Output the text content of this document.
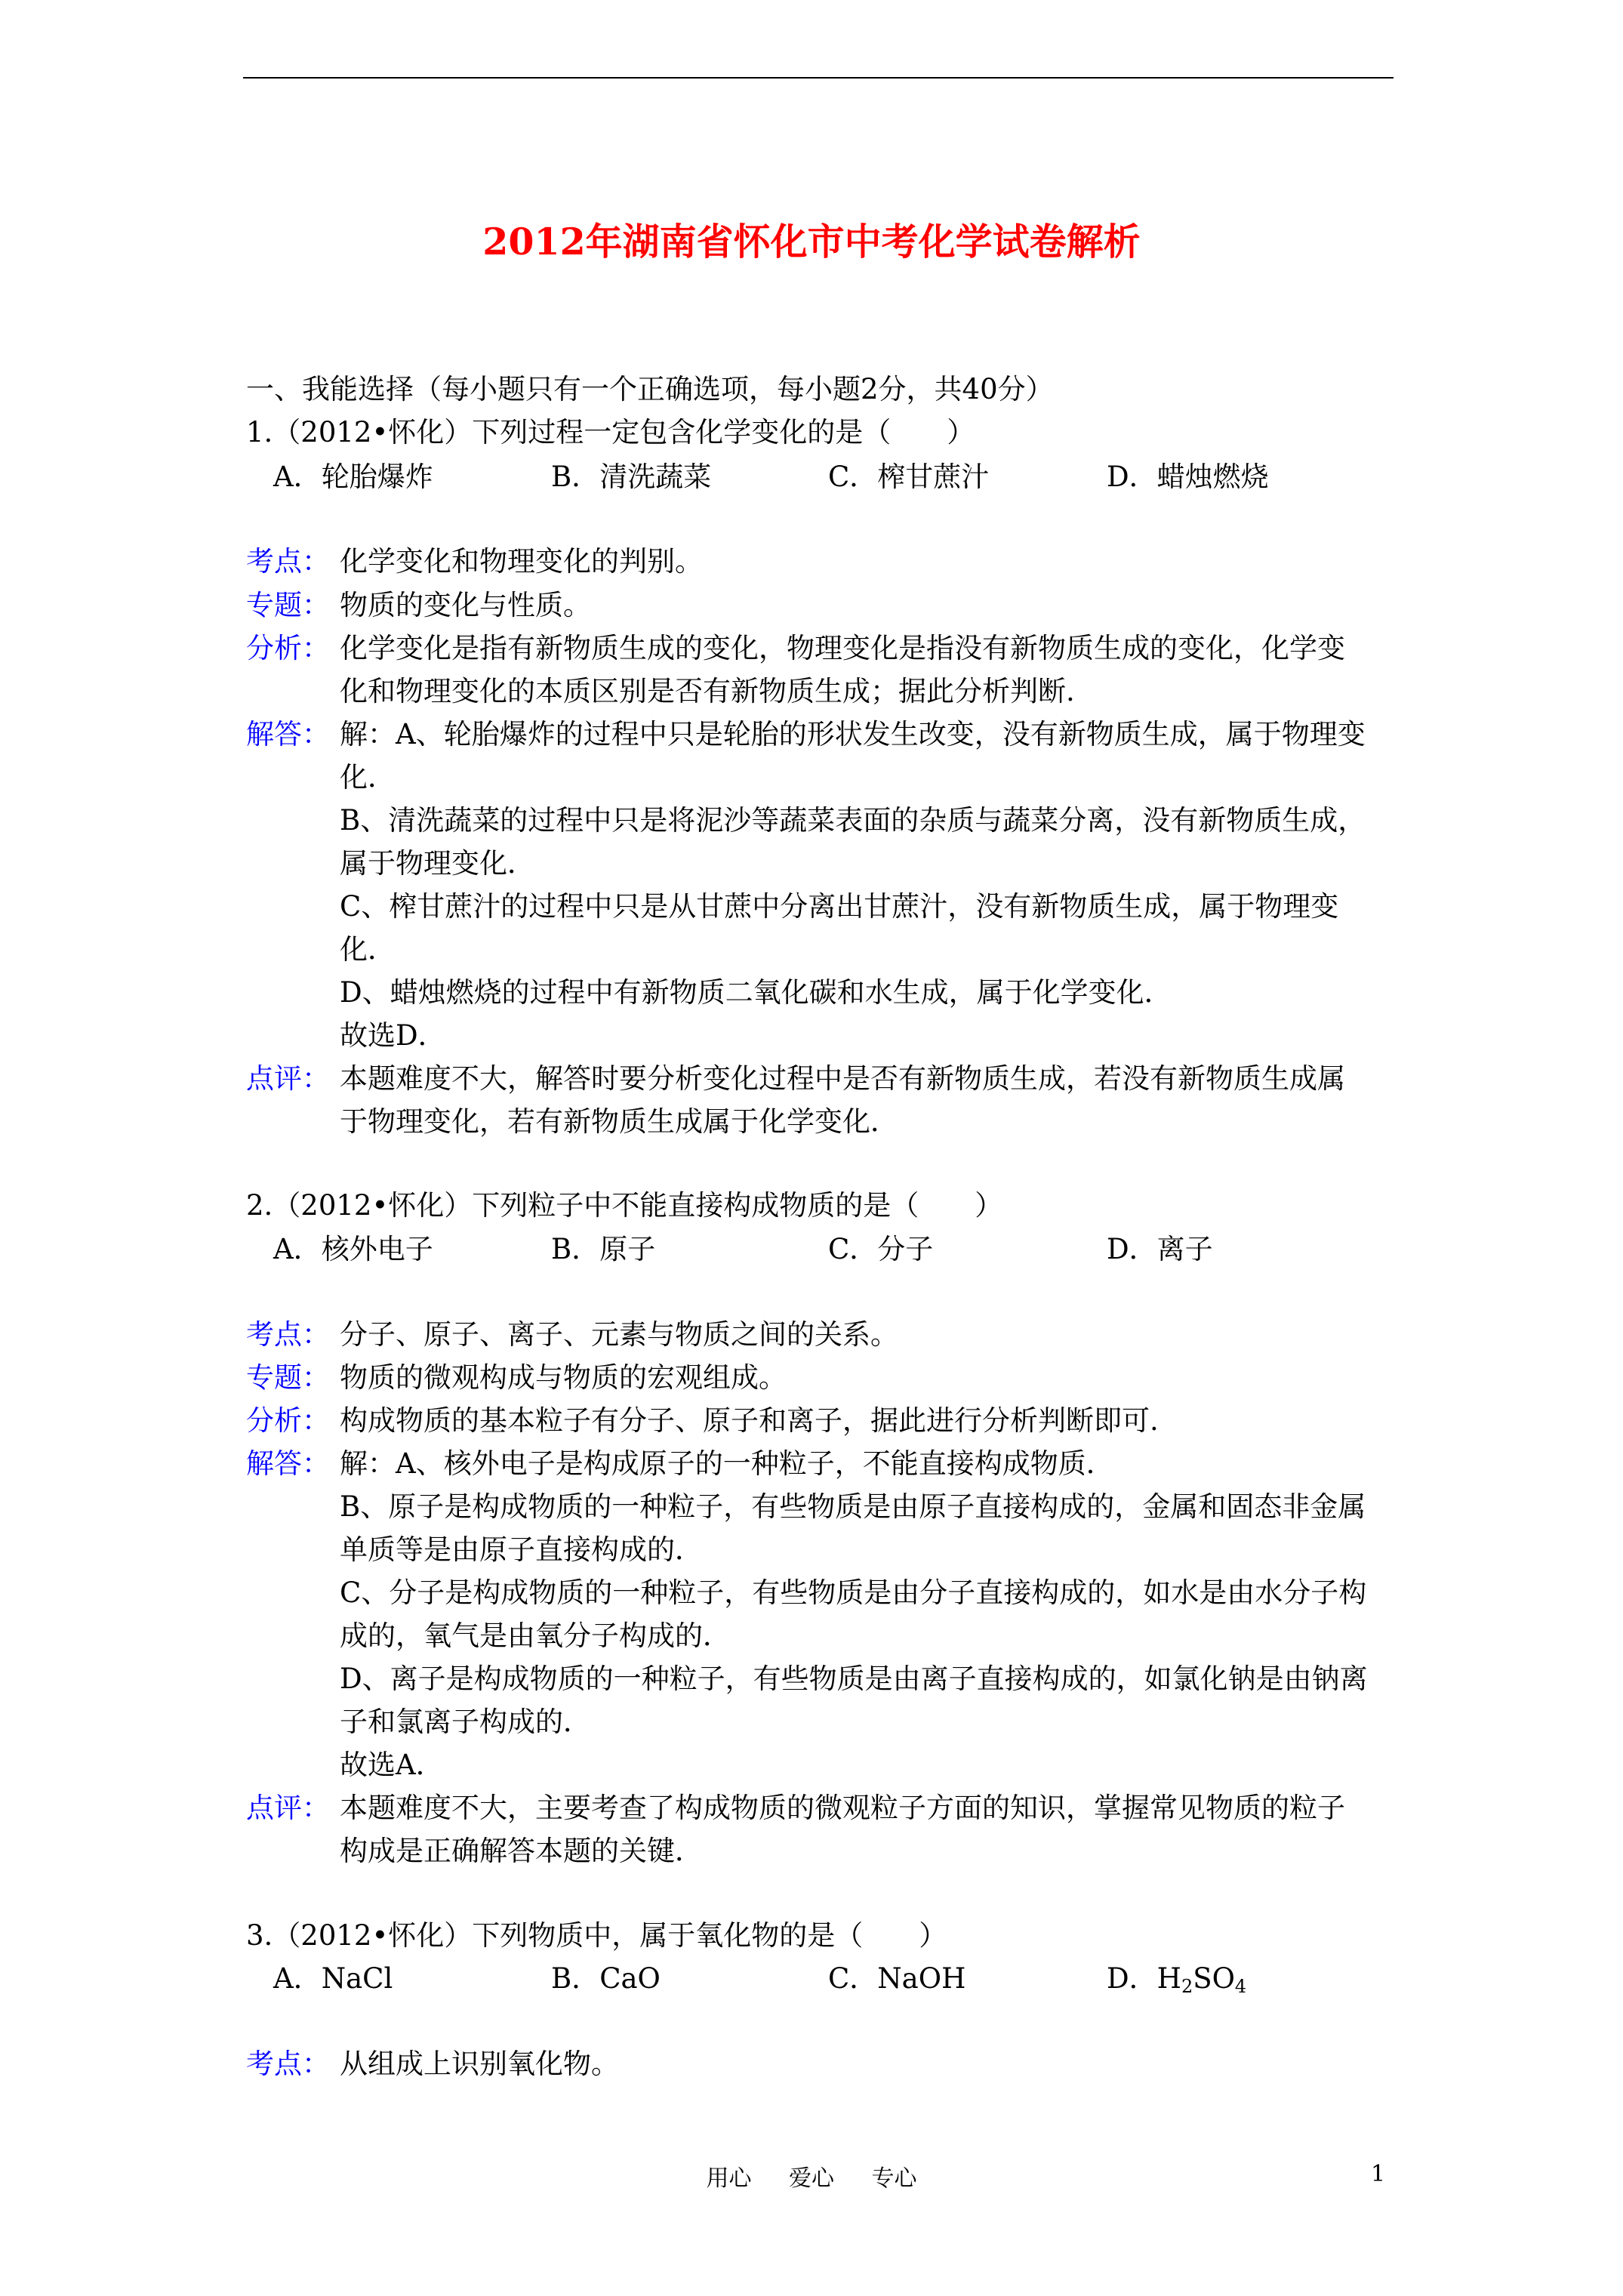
2012年湖南省怀化市中考化学试卷解析
一、我能选择（每小题只有一个正确选项，每小题2分，共40分）
1.（2012•怀化）下列过程一定包含化学变化的是（　　）
A．轮胎爆炸	B．清洗蔬菜	C．榨甘蔗汁	D．蜡烛燃烧
考点： 化学变化和物理变化的判别。
专题： 物质的变化与性质。
分析： 化学变化是指有新物质生成的变化，物理变化是指没有新物质生成的变化，化学变
化和物理变化的本质区别是否有新物质生成；据此分析判断.
解答： 解：A、轮胎爆炸的过程中只是轮胎的形状发生改变，没有新物质生成，属于物理变
化．
B、清洗蔬菜的过程中只是将泥沙等蔬菜表面的杂质与蔬菜分离，没有新物质生成，
属于物理变化．
C、榨甘蔗汁的过程中只是从甘蔗中分离出甘蔗汁，没有新物质生成，属于物理变
化．
D、蜡烛燃烧的过程中有新物质二氧化碳和水生成，属于化学变化．
故选D．
点评： 本题难度不大，解答时要分析变化过程中是否有新物质生成，若没有新物质生成属
于物理变化，若有新物质生成属于化学变化．
2.（2012•怀化）下列粒子中不能直接构成物质的是（　　）
A．核外电子	B．原子	C．分子	D．离子
考点： 分子、原子、离子、元素与物质之间的关系。
专题： 物质的微观构成与物质的宏观组成。
分析： 构成物质的基本粒子有分子、原子和离子，据此进行分析判断即可.
解答： 解：A、核外电子是构成原子的一种粒子，不能直接构成物质．
B、原子是构成物质的一种粒子，有些物质是由原子直接构成的，金属和固态非金属
单质等是由原子直接构成的．
C、分子是构成物质的一种粒子，有些物质是由分子直接构成的，如水是由水分子构
成的，氧气是由氧分子构成的．
D、离子是构成物质的一种粒子，有些物质是由离子直接构成的，如氯化钠是由钠离
子和氯离子构成的．
故选A．
点评： 本题难度不大，主要考查了构成物质的微观粒子方面的知识，掌握常见物质的粒子
构成是正确解答本题的关键．
3.（2012•怀化）下列物质中，属于氧化物的是（　　）
A．NaCl	B．CaO	C．NaOH	D．$H_2SO_4$
考点： 从组成上识别氧化物。
用心 爱心 专心	1
